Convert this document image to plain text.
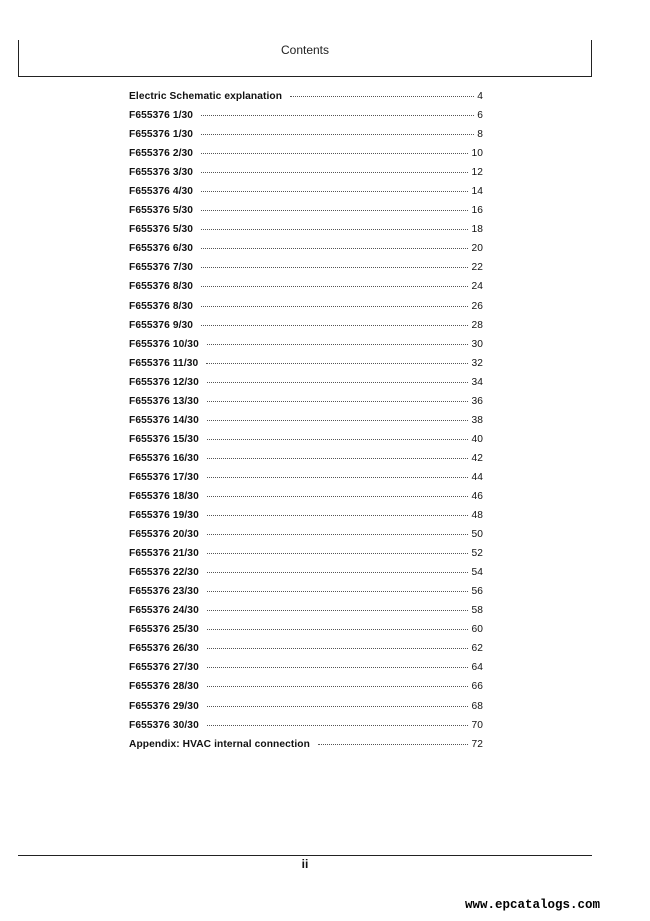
Contents
Electric Schematic explanation	4
F655376 1/30	6
F655376 1/30	8
F655376 2/30	10
F655376 3/30	12
F655376 4/30	14
F655376 5/30	16
F655376 5/30	18
F655376 6/30	20
F655376 7/30	22
F655376 8/30	24
F655376 8/30	26
F655376 9/30	28
F655376 10/30	30
F655376 11/30	32
F655376 12/30	34
F655376 13/30	36
F655376 14/30	38
F655376 15/30	40
F655376 16/30	42
F655376 17/30	44
F655376 18/30	46
F655376 19/30	48
F655376 20/30	50
F655376 21/30	52
F655376 22/30	54
F655376 23/30	56
F655376 24/30	58
F655376 25/30	60
F655376 26/30	62
F655376 27/30	64
F655376 28/30	66
F655376 29/30	68
F655376 30/30	70
Appendix: HVAC internal connection	72
ii
www.epcatalogs.com
